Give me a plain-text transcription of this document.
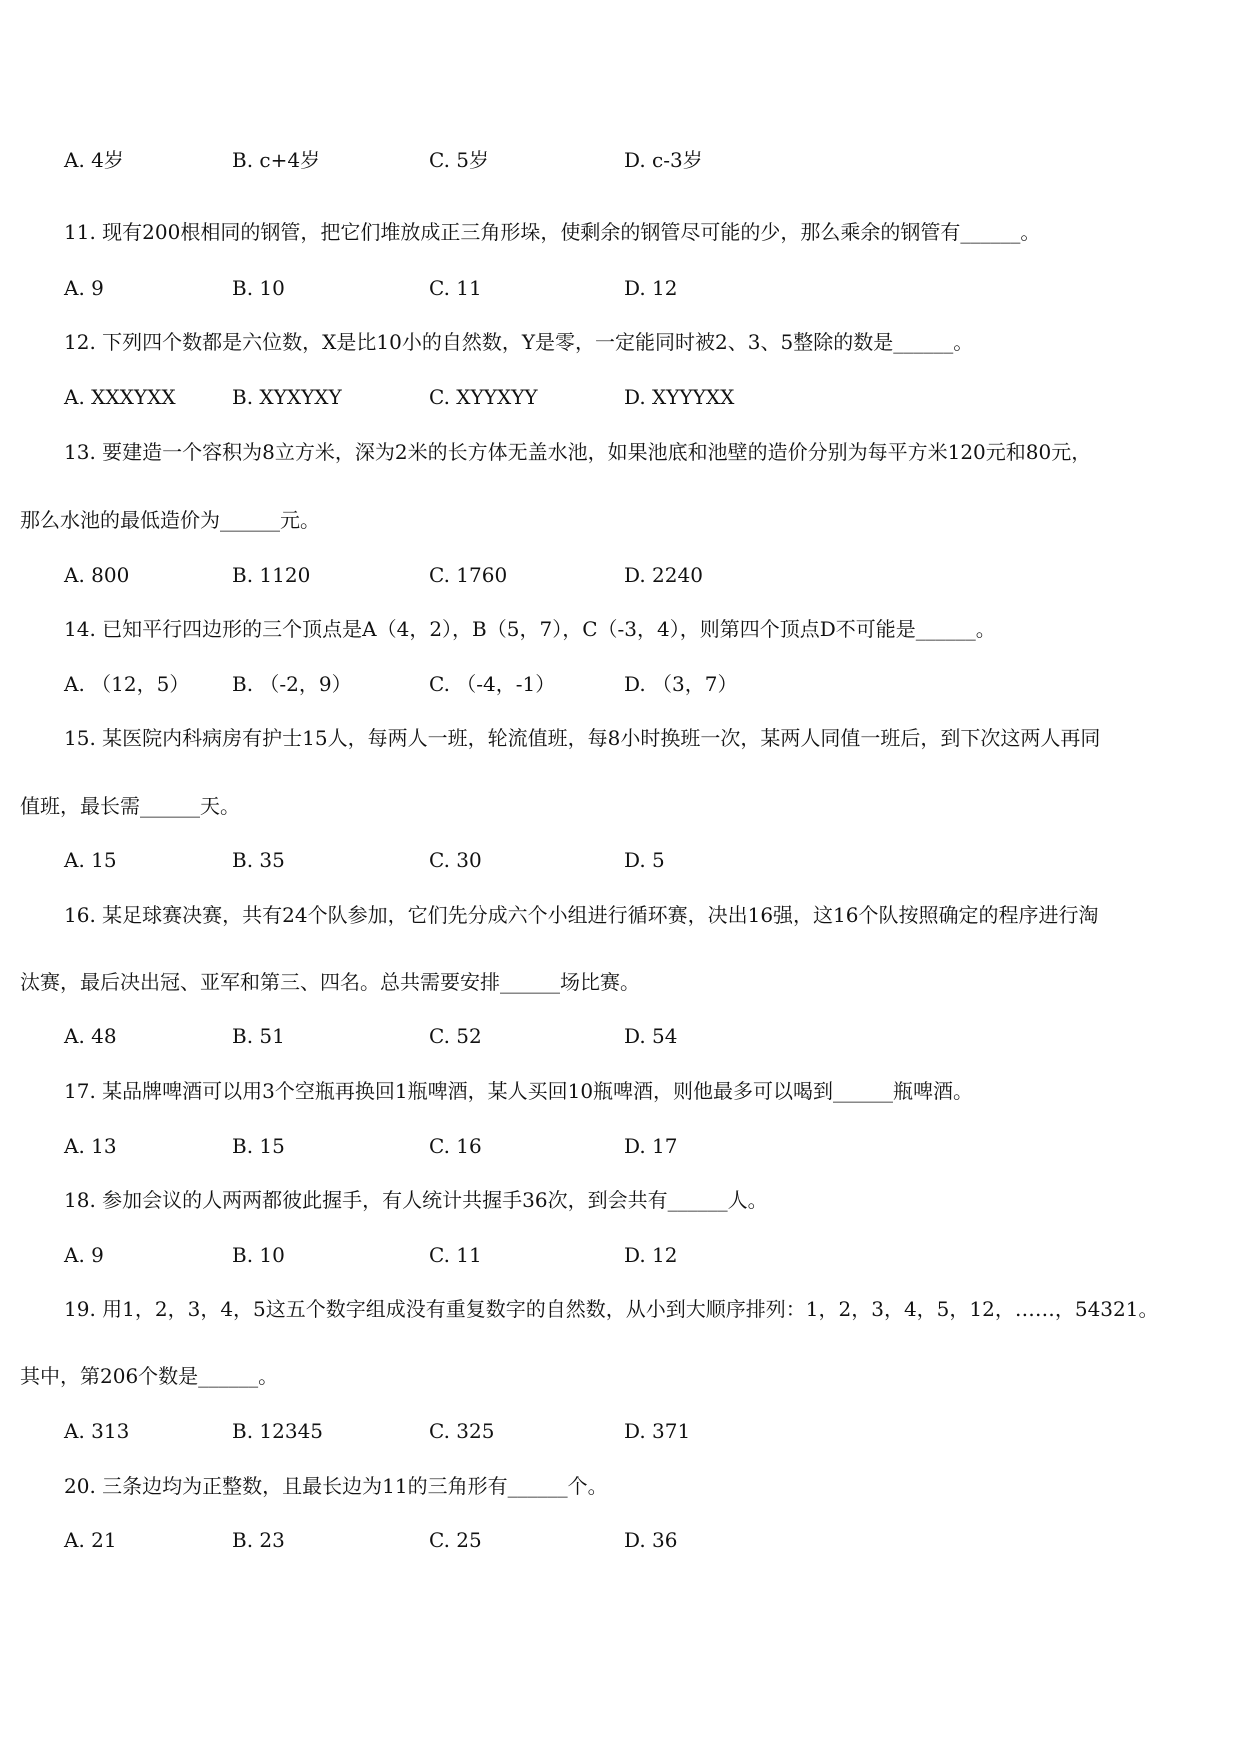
A. 4岁	B. c+4岁	C. 5岁	D. c-3岁
11. 现有200根相同的钢管，把它们堆放成正三角形垛，使剩余的钢管尽可能的少，那么乘余的钢管有______。
A. 9	B. 10	C. 11	D. 12
12. 下列四个数都是六位数，X是比10小的自然数，Y是零，一定能同时被2、3、5整除的数是______。
A. XXXYXX	B. XYXYXY	C. XYYXYY	D. XYYYXX
13. 要建造一个容积为8立方米，深为2米的长方体无盖水池，如果池底和池壁的造价分别为每平方米120元和80元，
那么水池的最低造价为______元。
A. 800	B. 1120	C. 1760	D. 2240
14. 已知平行四边形的三个顶点是A（4，2），B（5，7），C（-3，4），则第四个顶点D不可能是______。
A. （12，5） B. （-2，9）	C. （-4，-1）	D. （3，7）
15. 某医院内科病房有护士15人，每两人一班，轮流值班，每8小时换班一次，某两人同值一班后，到下次这两人再同
值班，最长需______天。
A. 15	B. 35	C. 30	D. 5
16. 某足球赛决赛，共有24个队参加，它们先分成六个小组进行循环赛，决出16强，这16个队按照确定的程序进行淘
汰赛，最后决出冠、亚军和第三、四名。总共需要安排______场比赛。
A. 48	B. 51	C. 52	D. 54
17. 某品牌啤酒可以用3个空瓶再换回1瓶啤酒，某人买回10瓶啤酒，则他最多可以喝到______瓶啤酒。
A. 13	B. 15	C. 16	D. 17
18. 参加会议的人两两都彼此握手，有人统计共握手36次，到会共有______人。
A. 9	B. 10	C. 11	D. 12
19. 用1，2，3，4，5这五个数字组成没有重复数字的自然数，从小到大顺序排列：1，2，3，4，5，12，……，54321。
其中，第206个数是______。
A. 313	B. 12345	C. 325	D. 371
20. 三条边均为正整数，且最长边为11的三角形有______个。
A. 21	B. 23	C. 25	D. 36
